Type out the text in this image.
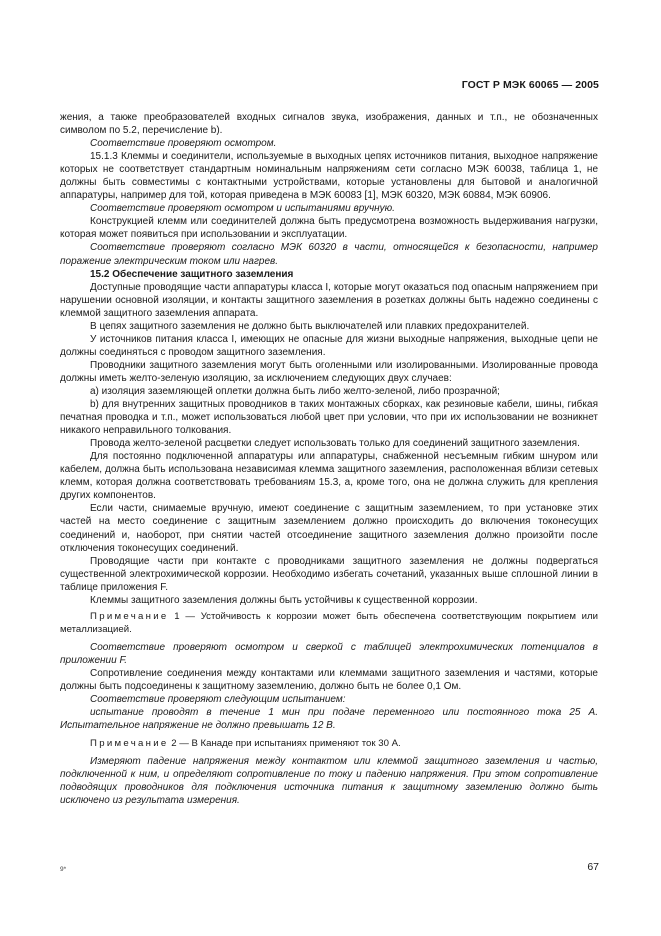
ГОСТ Р МЭК 60065 — 2005

жения, а также преобразователей входных сигналов звука, изображения, данных и т.п., не обозначенных символом по 5.2, перечисление b).

Соответствие проверяют осмотром.

15.1.3 Клеммы и соединители, используемые в выходных цепях источников питания, выходное напряжение которых не соответствует стандартным номинальным напряжениям сети согласно МЭК 60038, таблица 1, не должны быть совместимы с контактными устройствами, которые установлены для бытовой и аналогичной аппаратуры, например для той, которая приведена в МЭК 60083 [1], МЭК 60320, МЭК 60884, МЭК 60906.

Соответствие проверяют осмотром и испытаниями вручную.

Конструкцией клемм или соединителей должна быть предусмотрена возможность выдерживания нагрузки, которая может появиться при использовании и эксплуатации.

Соответствие проверяют согласно МЭК 60320 в части, относящейся к безопасности, например поражение электрическим током или нагрев.

15.2 Обеспечение защитного заземления

Доступные проводящие части аппаратуры класса I, которые могут оказаться под опасным напряжением при нарушении основной изоляции, и контакты защитного заземления в розетках должны быть надежно соединены с клеммой защитного заземления аппарата.

В цепях защитного заземления не должно быть выключателей или плавких предохранителей.

У источников питания класса I, имеющих не опасные для жизни выходные напряжения, выходные цепи не должны соединяться с проводом защитного заземления.

Проводники защитного заземления могут быть оголенными или изолированными. Изолированные провода должны иметь желто-зеленую изоляцию, за исключением следующих двух случаев:

a) изоляция заземляющей оплетки должна быть либо желто-зеленой, либо прозрачной;

b) для внутренних защитных проводников в таких монтажных сборках, как резиновые кабели, шины, гибкая печатная проводка и т.п., может использоваться любой цвет при условии, что при их использовании не возникнет никакого неправильного толкования.

Провода желто-зеленой расцветки следует использовать только для соединений защитного заземления.

Для постоянно подключенной аппаратуры или аппаратуры, снабженной несъемным гибким шнуром или кабелем, должна быть использована независимая клемма защитного заземления, расположенная вблизи сетевых клемм, которая должна соответствовать требованиям 15.3, а, кроме того, она не должна служить для крепления других компонентов.

Если части, снимаемые вручную, имеют соединение с защитным заземлением, то при установке этих частей на место соединение с защитным заземлением должно происходить до включения токонесущих соединений и, наоборот, при снятии частей отсоединение защитного заземления должно произойти после отключения токонесущих соединений.

Проводящие части при контакте с проводниками защитного заземления не должны подвергаться существенной электрохимической коррозии. Необходимо избегать сочетаний, указанных выше сплошной линии в таблице приложения F.

Клеммы защитного заземления должны быть устойчивы к существенной коррозии.

Примечание 1 — Устойчивость к коррозии может быть обеспечена соответствующим покрытием или металлизацией.

Соответствие проверяют осмотром и сверкой с таблицей электрохимических потенциалов в приложении F.

Сопротивление соединения между контактами или клеммами защитного заземления и частями, которые должны быть подсоединены к защитному заземлению, должно быть не более 0,1 Ом.

Соответствие проверяют следующим испытанием:

испытание проводят в течение 1 мин при подаче переменного или постоянного тока 25 А. Испытательное напряжение не должно превышать 12 В.

Примечание 2 — В Канаде при испытаниях применяют ток 30 А.

Измеряют падение напряжения между контактом или клеммой защитного заземления и частью, подключенной к ним, и определяют сопротивление по току и падению напряжения. При этом сопротивление подводящих проводников для подключения источника питания к защитному заземлению должно быть исключено из результата измерения.

9*	67
